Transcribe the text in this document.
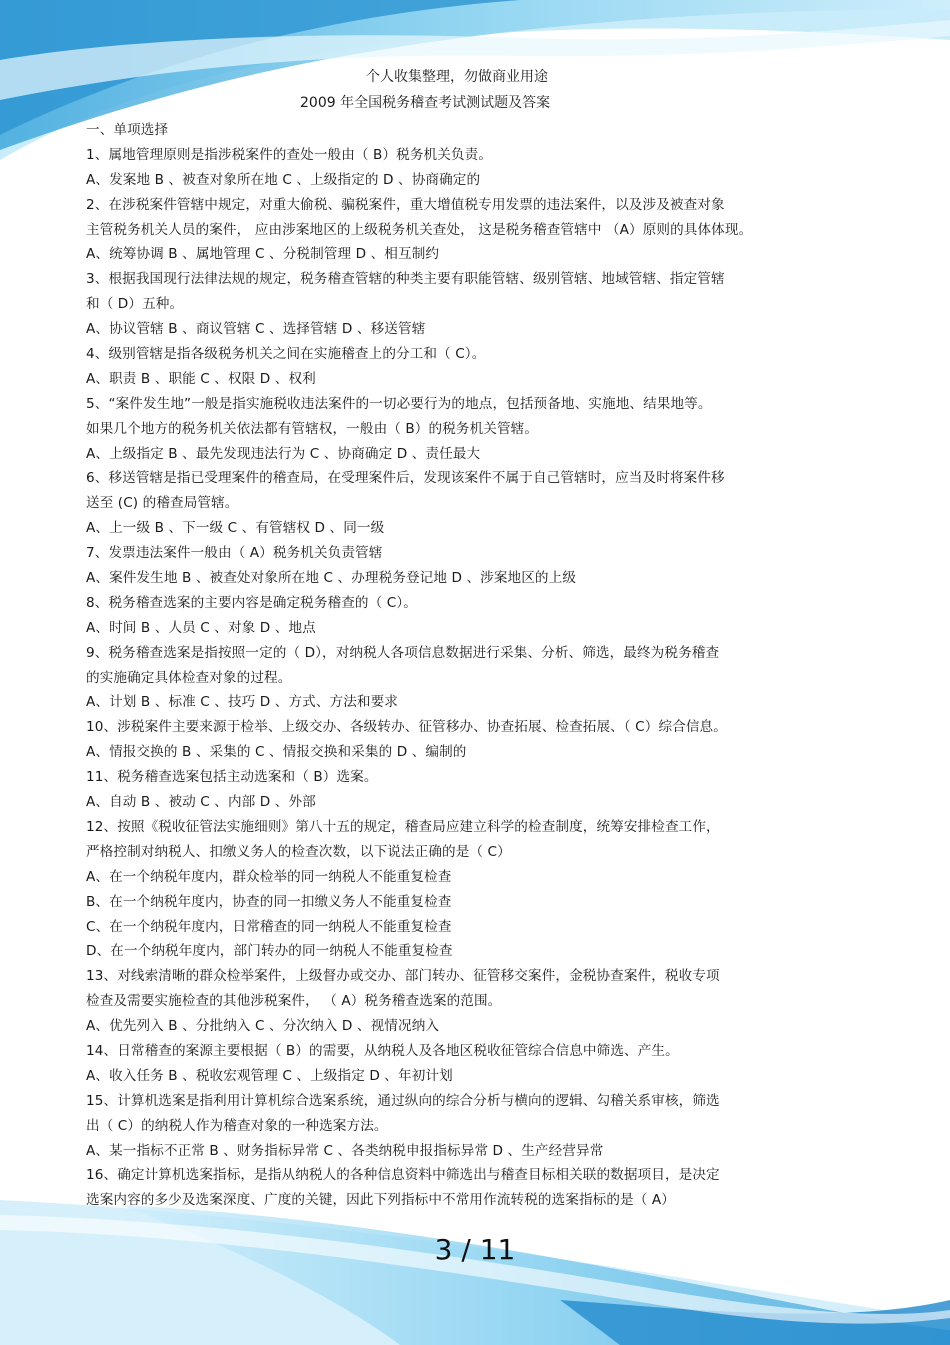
个人收集整理，勿做商业用途
2009 年全国税务稽查考试测试题及答案
一、单项选择
1、属地管理原则是指涉税案件的查处一般由（ B）税务机关负责。
A、发案地 B 、被查对象所在地 C 、上级指定的 D 、协商确定的
2、在涉税案件管辖中规定，对重大偷税、骗税案件，重大增值税专用发票的违法案件，以及涉及被查对象
主管税务机关人员的案件， 应由涉案地区的上级税务机关查处， 这是税务稽查管辖中 （A）原则的具体体现。
A、统筹协调 B 、属地管理 C 、分税制管理 D 、相互制约
3、根据我国现行法律法规的规定，税务稽查管辖的种类主要有职能管辖、级别管辖、地域管辖、指定管辖
和（ D）五种。
A、协议管辖 B 、商议管辖 C 、选择管辖 D 、移送管辖
4、级别管辖是指各级税务机关之间在实施稽查上的分工和（ C）。
A、职责 B 、职能 C 、权限 D 、权利
5、“案件发生地”一般是指实施税收违法案件的一切必要行为的地点，包括预备地、实施地、结果地等。
如果几个地方的税务机关依法都有管辖权，一般由（ B）的税务机关管辖。
A、上级指定 B 、最先发现违法行为 C 、协商确定 D 、责任最大
6、移送管辖是指已受理案件的稽查局，在受理案件后，发现该案件不属于自己管辖时，应当及时将案件移
送至 (C) 的稽查局管辖。
A、上一级 B 、下一级 C 、有管辖权 D 、同一级
7、发票违法案件一般由（ A）税务机关负责管辖
A、案件发生地 B 、被查处对象所在地 C 、办理税务登记地 D 、涉案地区的上级
8、税务稽查选案的主要内容是确定税务稽查的（ C）。
A、时间 B 、人员 C 、对象 D 、地点
9、税务稽查选案是指按照一定的（ D），对纳税人各项信息数据进行采集、分析、筛选，最终为税务稽查
的实施确定具体检查对象的过程。
A、计划 B 、标准 C 、技巧 D 、方式、方法和要求
10、涉税案件主要来源于检举、上级交办、各级转办、征管移办、协查拓展、检查拓展、（ C）综合信息。
A、情报交换的 B 、采集的 C 、情报交换和采集的 D 、编制的
11、税务稽查选案包括主动选案和（ B）选案。
A、自动 B 、被动 C 、内部 D 、外部
12、按照《税收征管法实施细则》第八十五的规定，稽查局应建立科学的检查制度，统筹安排检查工作，
严格控制对纳税人、扣缴义务人的检查次数，以下说法正确的是（ C）
A、在一个纳税年度内，群众检举的同一纳税人不能重复检查
B、在一个纳税年度内，协查的同一扣缴义务人不能重复检查
C、在一个纳税年度内，日常稽查的同一纳税人不能重复检查
D、在一个纳税年度内，部门转办的同一纳税人不能重复检查
13、对线索清晰的群众检举案件，上级督办或交办、部门转办、征管移交案件，金税协查案件，税收专项
检查及需要实施检查的其他涉税案件， （ A）税务稽查选案的范围。
A、优先列入 B 、分批纳入 C 、分次纳入 D 、视情况纳入
14、日常稽查的案源主要根据（ B）的需要，从纳税人及各地区税收征管综合信息中筛选、产生。
A、收入任务 B 、税收宏观管理 C 、上级指定 D 、年初计划
15、计算机选案是指利用计算机综合选案系统，通过纵向的综合分析与横向的逻辑、勾稽关系审核，筛选
出（ C）的纳税人作为稽查对象的一种选案方法。
A、某一指标不正常 B 、财务指标异常 C 、各类纳税申报指标异常 D 、生产经营异常
16、确定计算机选案指标，是指从纳税人的各种信息资料中筛选出与稽查目标相关联的数据项目，是决定
选案内容的多少及选案深度、广度的关键，因此下列指标中不常用作流转税的选案指标的是（ A）
3 / 11
